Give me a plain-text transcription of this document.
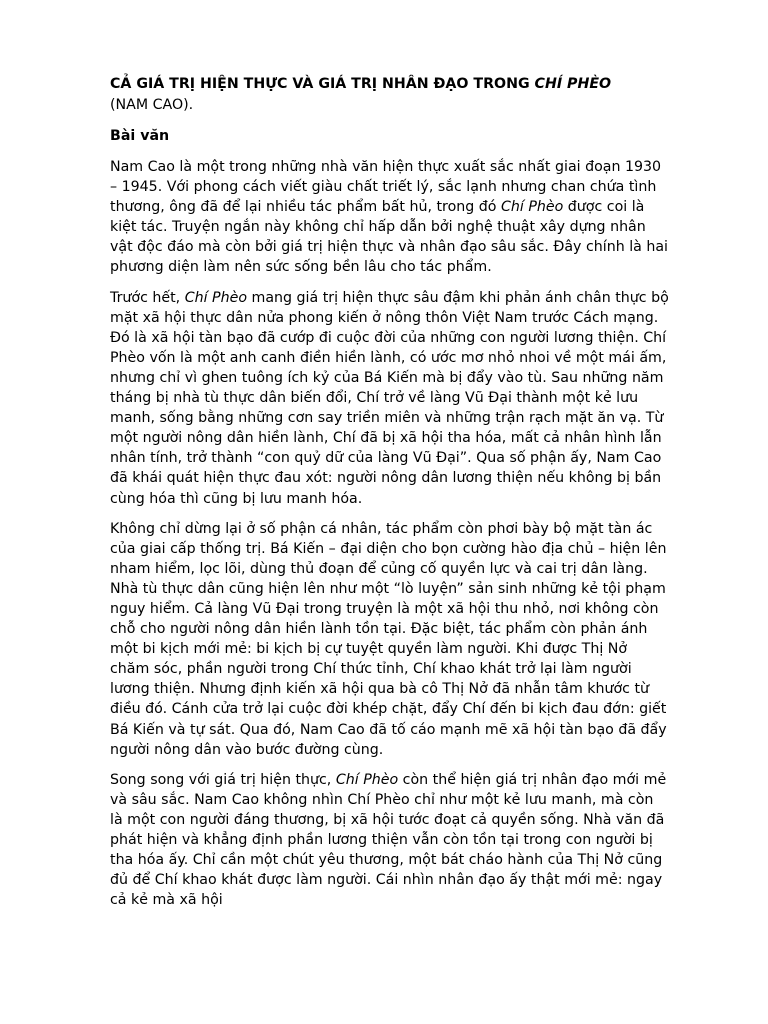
CẢ GIÁ TRỊ HIỆN THỰC VÀ GIÁ TRỊ NHÂN ĐẠO TRONG CHÍ PHÈO

(NAM CAO).

Bài văn

Nam Cao là một trong những nhà văn hiện thực xuất sắc nhất giai đoạn 1930 – 1945. Với phong cách viết giàu chất triết lý, sắc lạnh nhưng chan chứa tình thương, ông đã để lại nhiều tác phẩm bất hủ, trong đó Chí Phèo được coi là kiệt tác. Truyện ngắn này không chỉ hấp dẫn bởi nghệ thuật xây dựng nhân vật độc đáo mà còn bởi giá trị hiện thực và nhân đạo sâu sắc. Đây chính là hai phương diện làm nên sức sống bền lâu cho tác phẩm.

Trước hết, Chí Phèo mang giá trị hiện thực sâu đậm khi phản ánh chân thực bộ mặt xã hội thực dân nửa phong kiến ở nông thôn Việt Nam trước Cách mạng. Đó là xã hội tàn bạo đã cướp đi cuộc đời của những con người lương thiện. Chí Phèo vốn là một anh canh điền hiền lành, có ước mơ nhỏ nhoi về một mái ấm, nhưng chỉ vì ghen tuông ích kỷ của Bá Kiến mà bị đẩy vào tù. Sau những năm tháng bị nhà tù thực dân biến đổi, Chí trở về làng Vũ Đại thành một kẻ lưu manh, sống bằng những cơn say triền miên và những trận rạch mặt ăn vạ. Từ một người nông dân hiền lành, Chí đã bị xã hội tha hóa, mất cả nhân hình lẫn nhân tính, trở thành “con quỷ dữ của làng Vũ Đại”. Qua số phận ấy, Nam Cao đã khái quát hiện thực đau xót: người nông dân lương thiện nếu không bị bần cùng hóa thì cũng bị lưu manh hóa.

Không chỉ dừng lại ở số phận cá nhân, tác phẩm còn phơi bày bộ mặt tàn ác của giai cấp thống trị. Bá Kiến – đại diện cho bọn cường hào địa chủ – hiện lên nham hiểm, lọc lõi, dùng thủ đoạn để củng cố quyền lực và cai trị dân làng. Nhà tù thực dân cũng hiện lên như một “lò luyện” sản sinh những kẻ tội phạm nguy hiểm. Cả làng Vũ Đại trong truyện là một xã hội thu nhỏ, nơi không còn chỗ cho người nông dân hiền lành tồn tại. Đặc biệt, tác phẩm còn phản ánh một bi kịch mới mẻ: bi kịch bị cự tuyệt quyền làm người. Khi được Thị Nở chăm sóc, phần người trong Chí thức tỉnh, Chí khao khát trở lại làm người lương thiện. Nhưng định kiến xã hội qua bà cô Thị Nở đã nhẫn tâm khước từ điều đó. Cánh cửa trở lại cuộc đời khép chặt, đẩy Chí đến bi kịch đau đớn: giết Bá Kiến và tự sát. Qua đó, Nam Cao đã tố cáo mạnh mẽ xã hội tàn bạo đã đẩy người nông dân vào bước đường cùng.

Song song với giá trị hiện thực, Chí Phèo còn thể hiện giá trị nhân đạo mới mẻ và sâu sắc. Nam Cao không nhìn Chí Phèo chỉ như một kẻ lưu manh, mà còn là một con người đáng thương, bị xã hội tước đoạt cả quyền sống. Nhà văn đã phát hiện và khẳng định phần lương thiện vẫn còn tồn tại trong con người bị tha hóa ấy. Chỉ cần một chút yêu thương, một bát cháo hành của Thị Nở cũng đủ để Chí khao khát được làm người. Cái nhìn nhân đạo ấy thật mới mẻ: ngay cả kẻ mà xã hội
